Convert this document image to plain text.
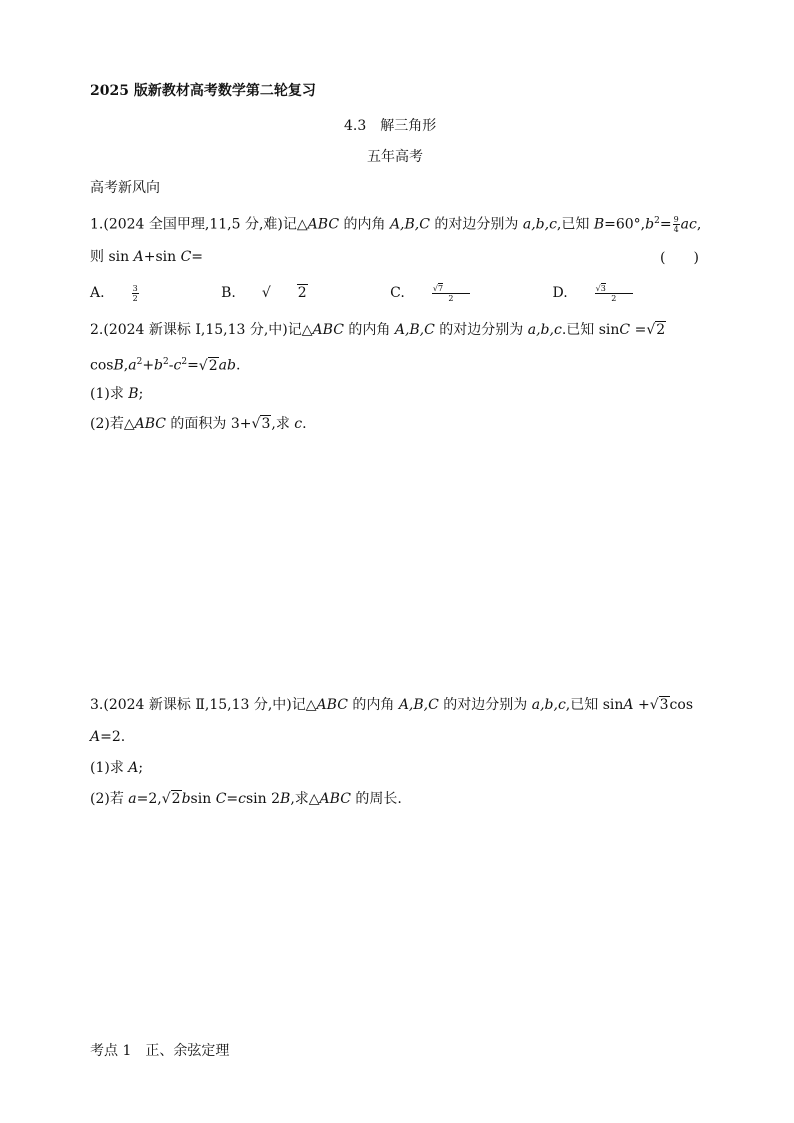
2025 版新教材高考数学第二轮复习
4.3　解三角形
五年高考
高考新风向
1.(2024 全国甲理,11,5 分,难)记△ABC 的内角 A,B,C 的对边分别为 a,b,c,已知 $B=60^\circ,b^2= \frac{9}{4}$ ac,
则 sin A+sin C=	(　　)
A.	$\frac{3}{2}$	B. √ 2	C.	$\frac{√7}{2}$	D.	$\frac{√3}{2}$
2.(2024 新课标 Ⅰ,15,13 分,中)记△ABC 的内角 A,B,C 的对边分别为 a,b,c.已知 sinC =√2
$\cos B,a^2+b^2-c^2=√2ab$.
(1)求 B;
(2)若△ABC 的面积为 3+√3,求 c.
3.(2024 新课标 Ⅱ,15,13 分,中)记△ABC 的内角 A,B,C 的对边分别为 a,b,c,已知 sinA +√3cos
A=2.
(1)求 A;
(2)若 a=2,√2bsin C=csin 2B,求△ABC 的周长.
考点 1　正、余弦定理
